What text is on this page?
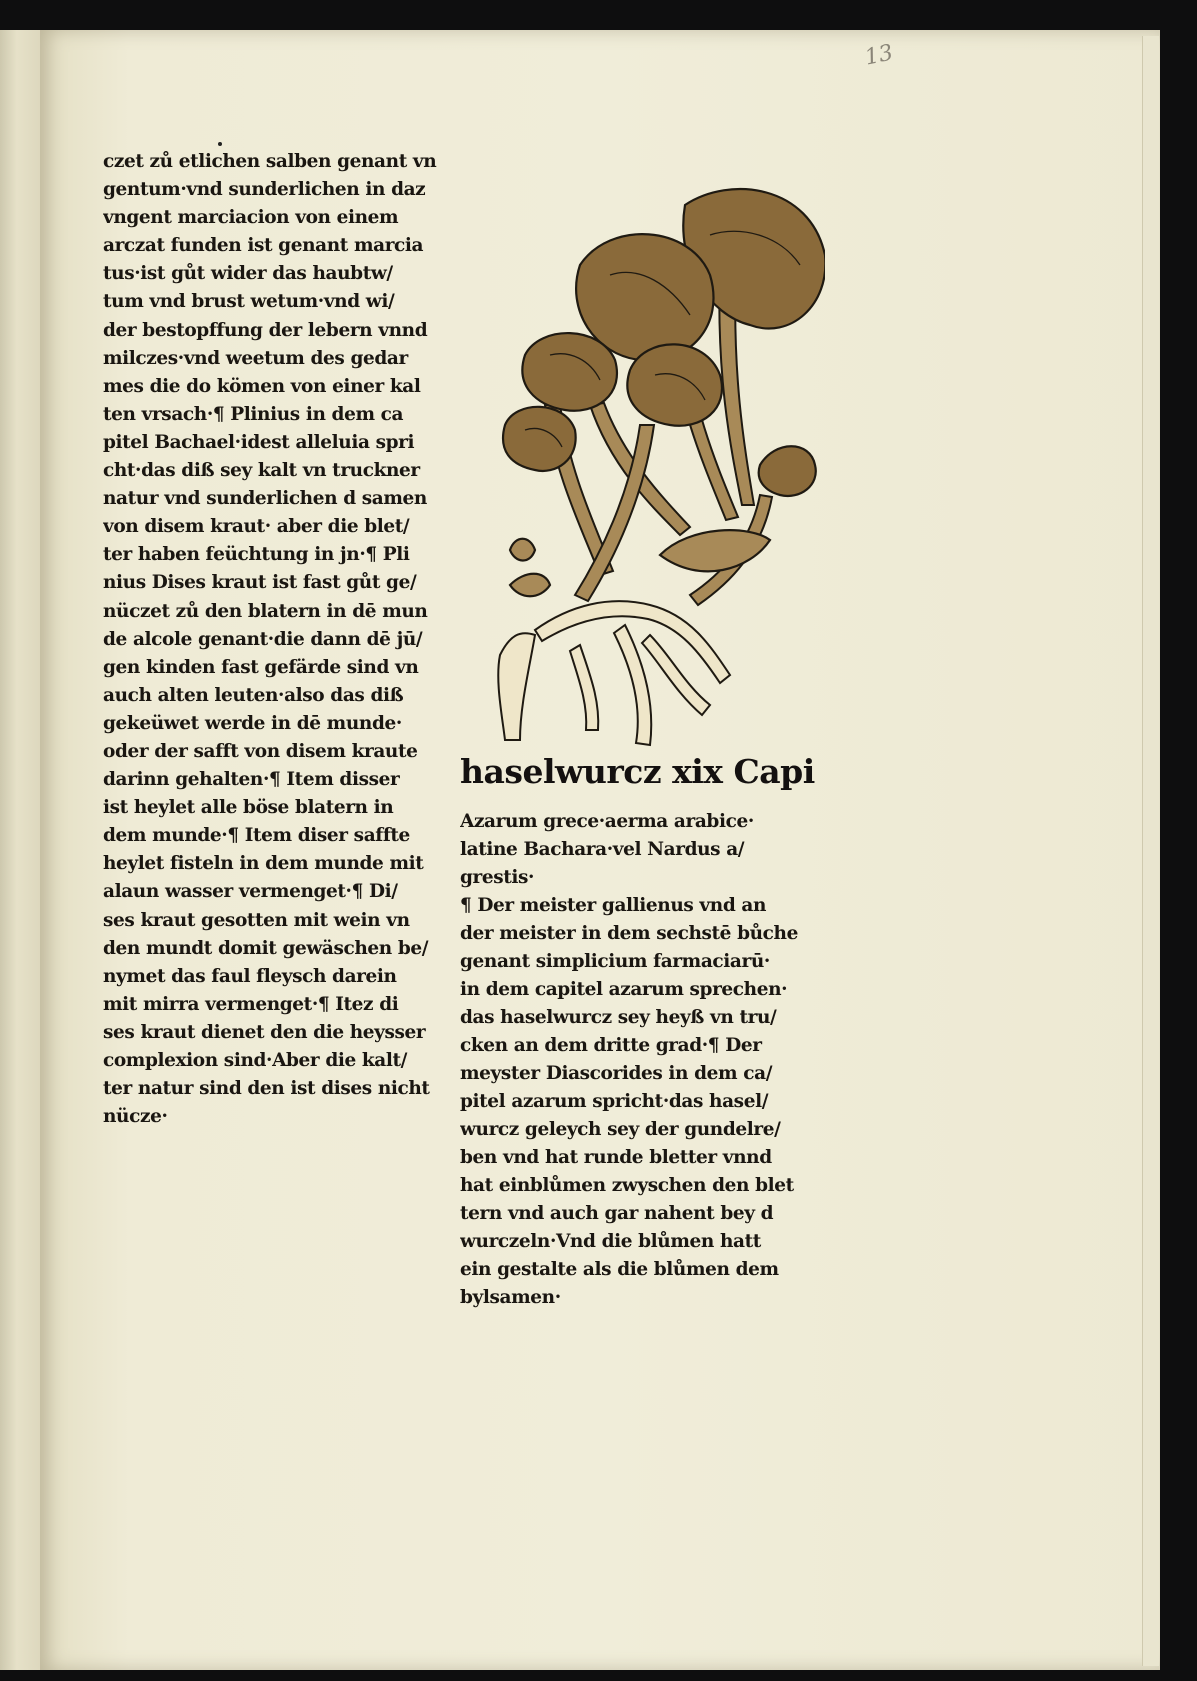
13
czet zů etlichen salben genant vn
gentum·vnd sunderlichen in daz
vngent marciacion von einem
arczat funden ist genant marcia
tus·ist gůt wider das haubtw/
tum vnd brust wetum·vnd wi/
der bestopffung der lebern vnnd
milczes·vnd weetum des gedar
mes die do kömen von einer kal
ten vrsach·¶ Plinius in dem ca
pitel Bachael·idest alleluia spri
cht·das diß sey kalt vn truckner
natur vnd sunderlichen d samen
von disem kraut· aber die blet/
ter haben feüchtung in jn·¶ Pli
nius Dises kraut ist fast gůt ge/
nüczet zů den blatern in dē mun
de alcole genant·die dann dē jū/
gen kinden fast gefärde sind vn
auch alten leuten·also das diß
gekeüwet werde in dē munde·
oder der safft von disem kraute
darinn gehalten·¶ Item disser
ist heylet alle böse blatern in
dem munde·¶ Item diser saffte
heylet fisteln in dem munde mit
alaun wasser vermenget·¶ Di/
ses kraut gesotten mit wein vn
den mundt domit gewäschen be/
nymet das faul fleysch darein
mit mirra vermenget·¶ Itez di
ses kraut dienet den die heysser
complexion sind·Aber die kalt/
ter natur sind den ist dises nicht
nücze·
haselwurcz xix Capi
Azarum grece·aerma arabice·
latine Bachara·vel Nardus a/
grestis·
¶ Der meister gallienus vnd an
der meister in dem sechstē bůche
genant simplicium farmaciarū·
in dem capitel azarum sprechen·
das haselwurcz sey heyß vn tru/
cken an dem dritte grad·¶ Der
meyster Diascorides in dem ca/
pitel azarum spricht·das hasel/
wurcz geleych sey der gundelre/
ben vnd hat runde bletter vnnd
hat einblůmen zwyschen den blet
tern vnd auch gar nahent bey d
wurczeln·Vnd die blůmen hatt
ein gestalte als die blůmen dem
bylsamen·
